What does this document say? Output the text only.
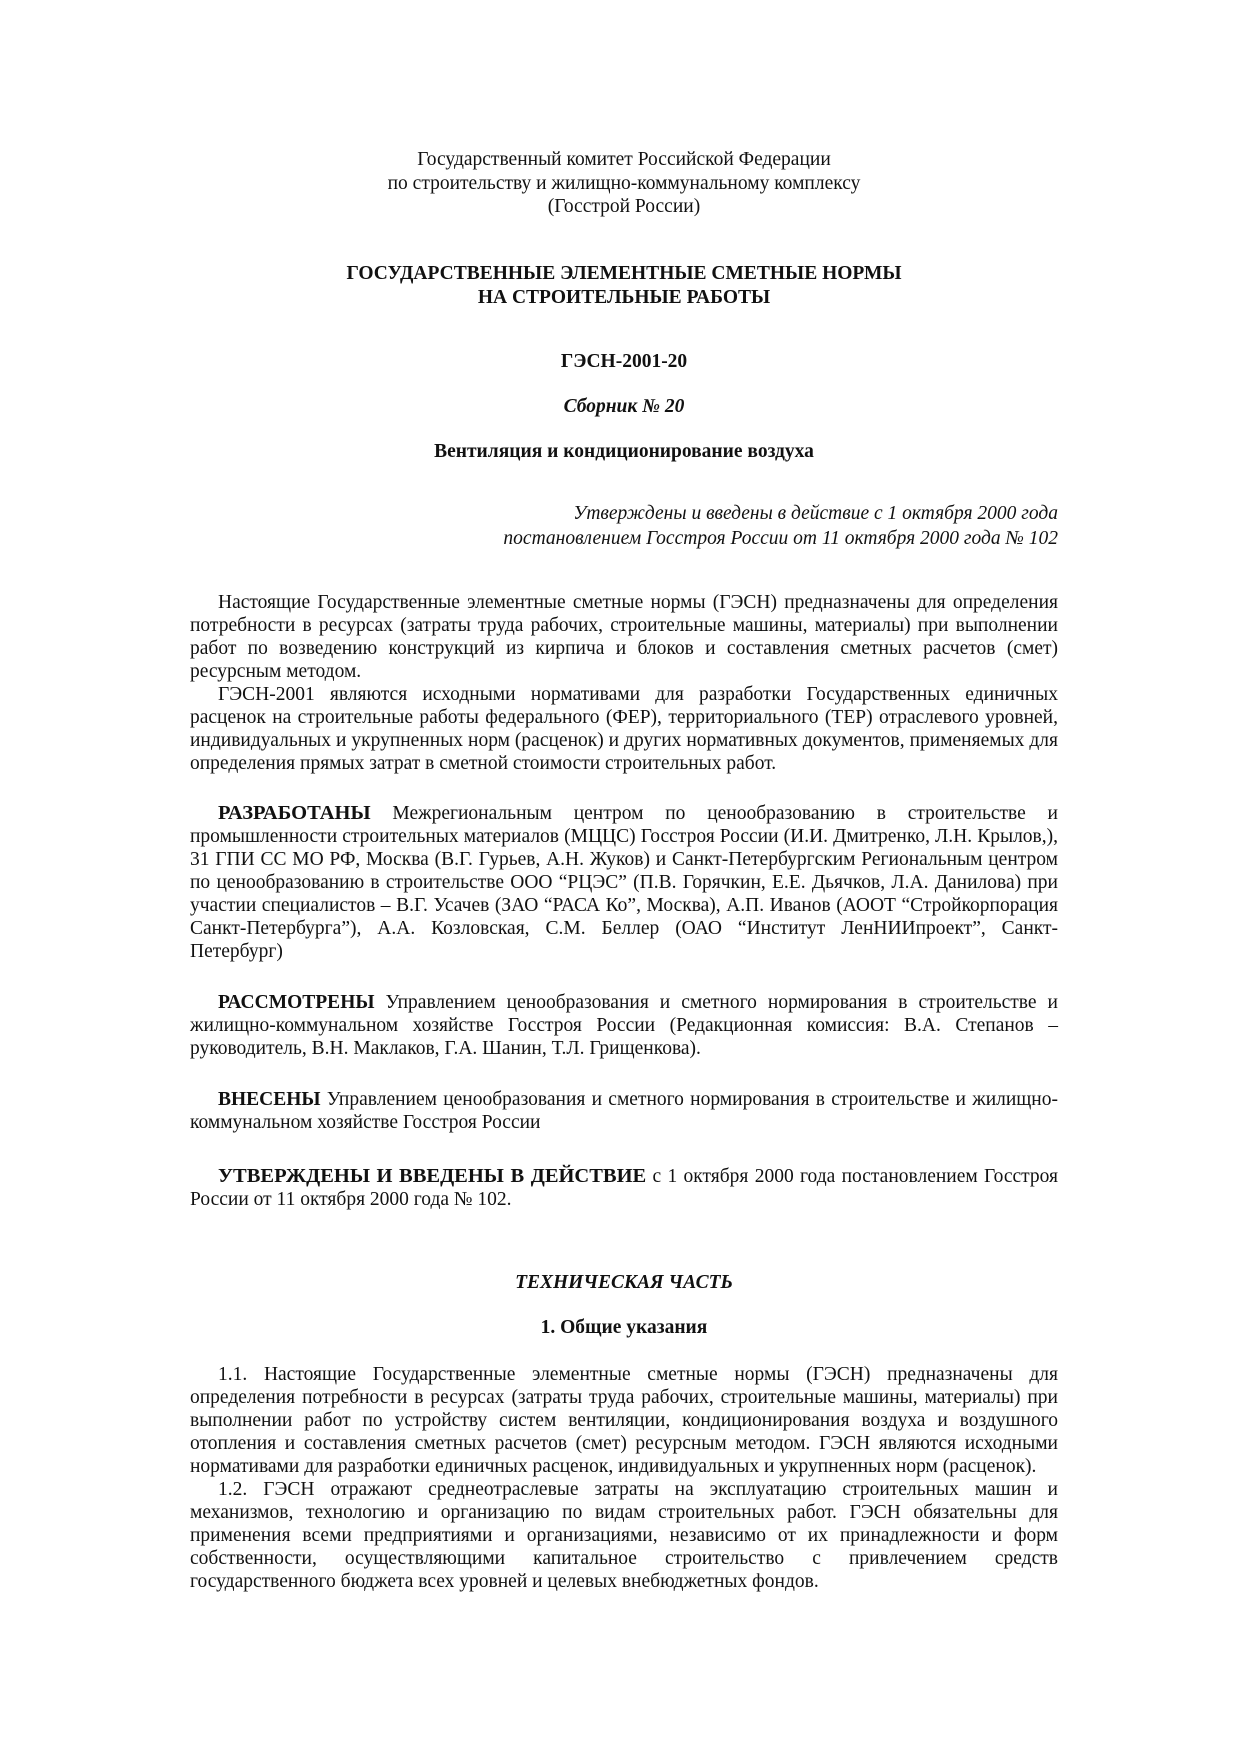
Государственный комитет Российской Федерации
по строительству и жилищно-коммунальному комплексу
(Госстрой России)
ГОСУДАРСТВЕННЫЕ ЭЛЕМЕНТНЫЕ СМЕТНЫЕ НОРМЫ
НА СТРОИТЕЛЬНЫЕ РАБОТЫ
ГЭСН-2001-20
Сборник № 20
Вентиляция и кондиционирование воздуха
Утверждены и введены в действие с 1 октября 2000 года
постановлением Госстроя России от 11 октября 2000 года № 102

Настоящие Государственные элементные сметные нормы (ГЭСН) предназначены для определения потребности в ресурсах (затраты труда рабочих, строительные машины, материалы) при выполнении работ по возведению конструкций из кирпича и блоков и составления сметных расчетов (смет) ресурсным методом.

ГЭСН-2001 являются исходными нормативами для разработки Государственных единичных расценок на строительные работы федерального (ФЕР), территориального (ТЕР) отраслевого уровней, индивидуальных и укрупненных норм (расценок) и других нормативных документов, применяемых для определения прямых затрат в сметной стоимости строительных работ.

РАЗРАБОТАНЫ Межрегиональным центром по ценообразованию в строительстве и промышленности строительных материалов (МЦЦС) Госстроя России (И.И. Дмитренко, Л.Н. Крылов,), 31 ГПИ СС МО РФ, Москва (В.Г. Гурьев, А.Н. Жуков) и Санкт-Петербургским Региональным центром по ценообразованию в строительстве ООО “РЦЭС” (П.В. Горячкин, Е.Е. Дьячков, Л.А. Данилова) при участии специалистов – В.Г. Усачев (ЗАО “РАСА Ко”, Москва), А.П. Иванов (АООТ “Стройкорпорация Санкт-Петербурга”), А.А. Козловская, С.М. Беллер (ОАО “Институт ЛенНИИпроект”, Санкт-Петербург)

РАССМОТРЕНЫ Управлением ценообразования и сметного нормирования в строительстве и жилищно-коммунальном хозяйстве Госстроя России (Редакционная комиссия: В.А. Степанов – руководитель, В.Н. Маклаков, Г.А. Шанин, Т.Л. Грищенкова).

ВНЕСЕНЫ Управлением ценообразования и сметного нормирования в строительстве и жилищно-коммунальном хозяйстве Госстроя России

УТВЕРЖДЕНЫ И ВВЕДЕНЫ В ДЕЙСТВИЕ с 1 октября 2000 года постановлением Госстроя России от 11 октября 2000 года № 102.

ТЕХНИЧЕСКАЯ ЧАСТЬ
1. Общие указания

1.1. Настоящие Государственные элементные сметные нормы (ГЭСН) предназначены для определения потребности в ресурсах (затраты труда рабочих, строительные машины, материалы) при выполнении работ по устройству систем вентиляции, кондиционирования воздуха и воздушного отопления и составления сметных расчетов (смет) ресурсным методом. ГЭСН являются исходными нормативами для разработки единичных расценок, индивидуальных и укрупненных норм (расценок).

1.2. ГЭСН отражают среднеотраслевые затраты на эксплуатацию строительных машин и механизмов, технологию и организацию по видам строительных работ. ГЭСН обязательны для применения всеми предприятиями и организациями, независимо от их принадлежности и форм собственности, осуществляющими капитальное строительство с привлечением средств государственного бюджета всех уровней и целевых внебюджетных фондов.
